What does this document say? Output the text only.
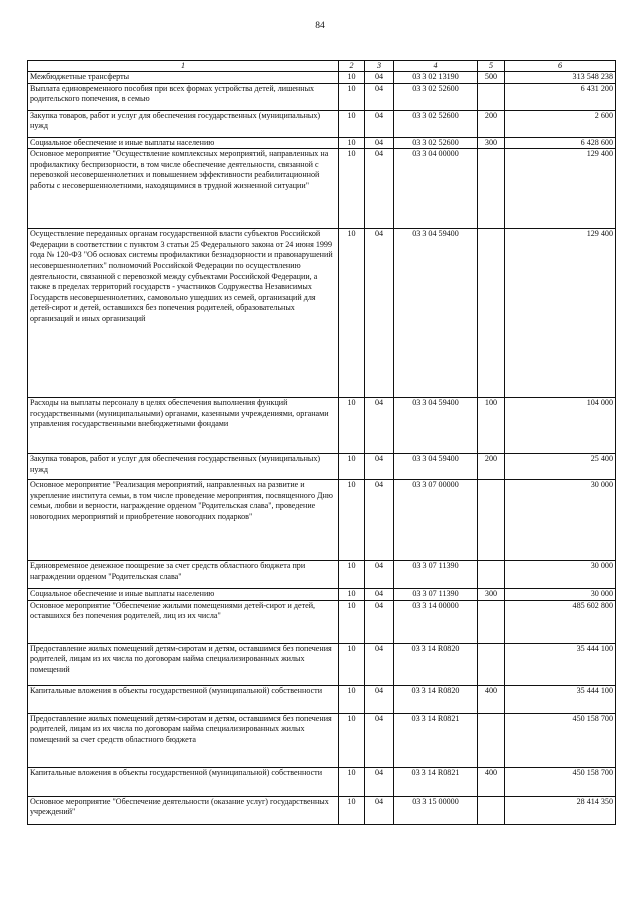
84
1	2	3	4	5	6
Межбюджетные трансферты	10	04	03 3 02 13190	500	313 548 238
Выплата единовременного пособия при всех формах устройства детей, лишенных родительского попечения, в семью	10	04	03 3 02 52600		6 431 200
Закупка товаров, работ и услуг для обеспечения государственных (муниципальных) нужд	10	04	03 3 02 52600	200	2 600
Социальное обеспечение и иные выплаты населению	10	04	03 3 02 52600	300	6 428 600
Основное мероприятие "Осуществление комплексных мероприятий, направленных на профилактику беспризорности, в том числе обеспечение деятельности, связанной с перевозкой несовершеннолетних и повышением эффективности реабилитационной работы с несовершеннолетними, находящимися в трудной жизненной ситуации"	10	04	03 3 04 00000		129 400
Осуществление переданных органам государственной власти субъектов Российской Федерации в соответствии с пунктом 3 статьи 25 Федерального закона от 24 июня 1999 года № 120-ФЗ "Об основах системы профилактики безнадзорности и правонарушений несовершеннолетних" полномочий Российской Федерации по осуществлению деятельности, связанной с перевозкой между субъектами Российской Федерации, а также в пределах территорий государств - участников Содружества Независимых Государств несовершеннолетних, самовольно ушедших из семей, организаций для детей-сирот и детей, оставшихся без попечения родителей, образовательных организаций и иных организаций	10	04	03 3 04 59400		129 400
Расходы на выплаты персоналу в целях обеспечения выполнения функций государственными (муниципальными) органами, казенными учреждениями, органами управления государственными внебюджетными фондами	10	04	03 3 04 59400	100	104 000
Закупка товаров, работ и услуг для обеспечения государственных (муниципальных) нужд	10	04	03 3 04 59400	200	25 400
Основное мероприятие "Реализация мероприятий, направленных на развитие и укрепление института семьи, в том числе проведение мероприятия, посвященного Дню семьи, любви и верности, награждение орденом "Родительская слава", проведение новогодних мероприятий и приобретение новогодних подарков"	10	04	03 3 07 00000		30 000
Единовременное денежное поощрение за счет средств областного бюджета при награждении орденом "Родительская слава"	10	04	03 3 07 11390		30 000
Социальное обеспечение и иные выплаты населению	10	04	03 3 07 11390	300	30 000
Основное мероприятие "Обеспечение жилыми помещениями детей-сирот и детей, оставшихся без попечения родителей, лиц из их числа"	10	04	03 3 14 00000		485 602 800
Предоставление жилых помещений детям-сиротам и детям, оставшимся без попечения родителей, лицам из их числа по договорам найма специализированных жилых помещений	10	04	03 3 14 R0820		35 444 100
Капитальные вложения в объекты государственной (муниципальной) собственности	10	04	03 3 14 R0820	400	35 444 100
Предоставление жилых помещений детям-сиротам и детям, оставшимся без попечения родителей, лицам из их числа по договорам найма специализированных жилых помещений за счет средств областного бюджета	10	04	03 3 14 R0821		450 158 700
Капитальные вложения в объекты государственной (муниципальной) собственности	10	04	03 3 14 R0821	400	450 158 700
Основное мероприятие "Обеспечение деятельности (оказание услуг) государственных учреждений"	10	04	03 3 15 00000		28 414 350
